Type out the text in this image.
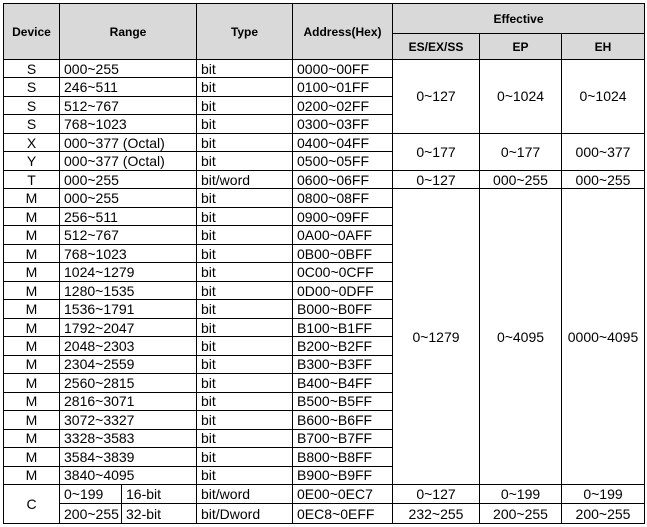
Device	Range		Type	Address(Hex)	Effective		
					ES/EX/SS	EP	EH
S	000~255		bit	0000~00FF	0~127	0~1024	0~1024
S	246~511		bit	0100~01FF			
S	512~767		bit	0200~02FF			
S	768~1023		bit	0300~03FF			
X	000~377 (Octal)		bit	0400~04FF	0~177	0~177	000~377
Y	000~377 (Octal)		bit	0500~05FF			
T	000~255		bit/word	0600~06FF	0~127	000~255	000~255
M	000~255		bit	0800~08FF	0~1279	0~4095	0000~4095
M	256~511		bit	0900~09FF			
M	512~767		bit	0A00~0AFF			
M	768~1023		bit	0B00~0BFF			
M	1024~1279		bit	0C00~0CFF			
M	1280~1535		bit	0D00~0DFF			
M	1536~1791		bit	B000~B0FF			
M	1792~2047		bit	B100~B1FF			
M	2048~2303		bit	B200~B2FF			
M	2304~2559		bit	B300~B3FF			
M	2560~2815		bit	B400~B4FF			
M	2816~3071		bit	B500~B5FF			
M	3072~3327		bit	B600~B6FF			
M	3328~3583		bit	B700~B7FF			
M	3584~3839		bit	B800~B8FF			
M	3840~4095		bit	B900~B9FF			
C	0~199	16-bit	bit/word	0E00~0EC7	0~127	0~199	0~199
	200~255	32-bit	bit/Dword	0EC8~0EFF	232~255	200~255	200~255
